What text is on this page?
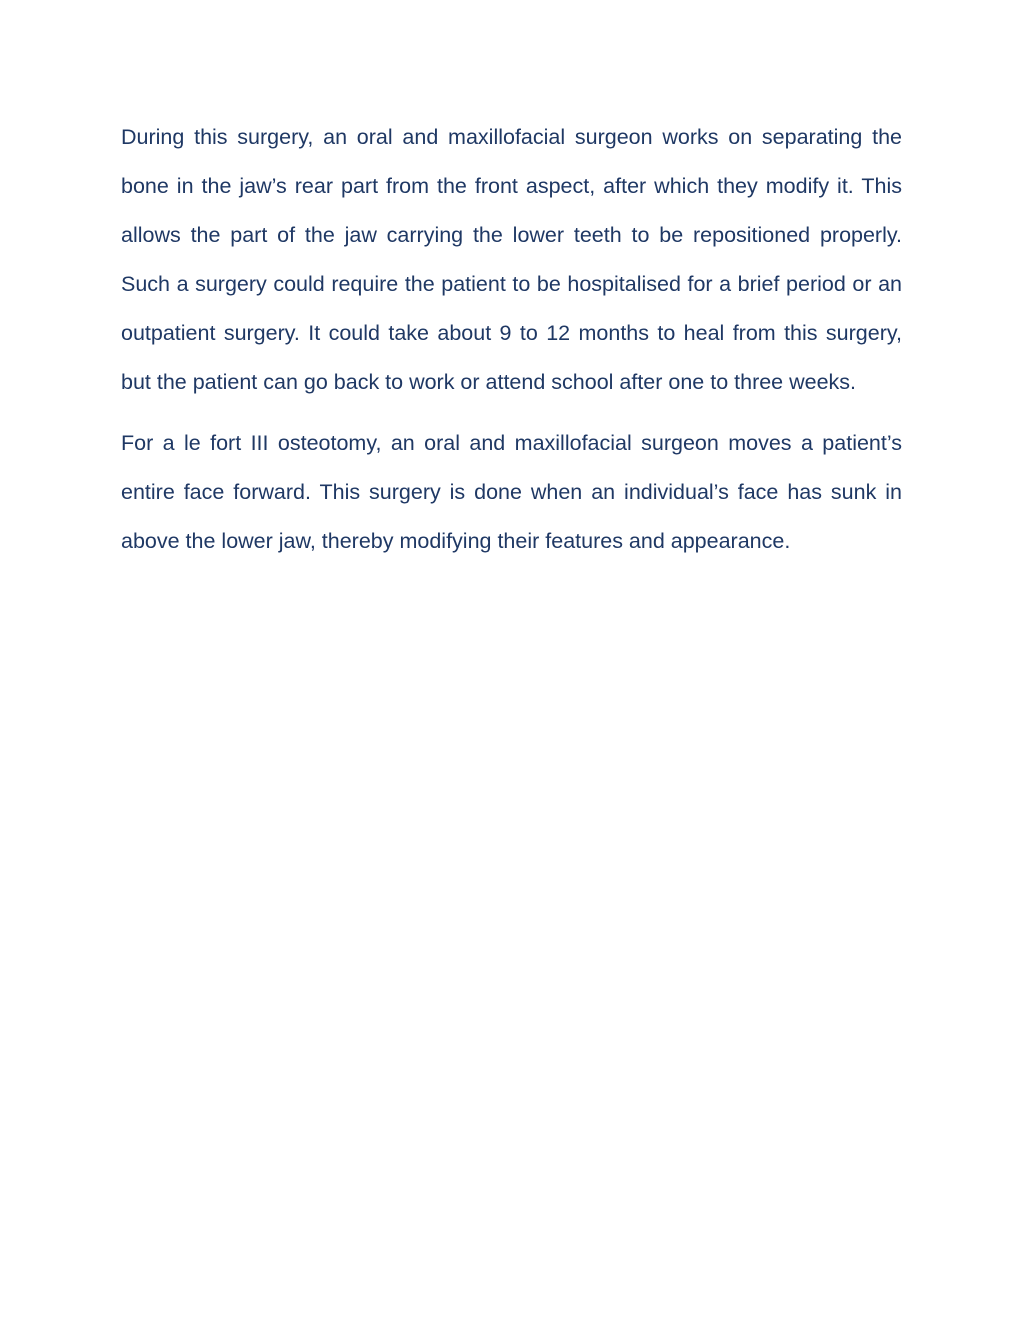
During this surgery, an oral and maxillofacial surgeon works on separating the bone in the jaw’s rear part from the front aspect, after which they modify it. This allows the part of the jaw carrying the lower teeth to be repositioned properly. Such a surgery could require the patient to be hospitalised for a brief period or an outpatient surgery. It could take about 9 to 12 months to heal from this surgery, but the patient can go back to work or attend school after one to three weeks.

For a le fort III osteotomy, an oral and maxillofacial surgeon moves a patient’s entire face forward. This surgery is done when an individual’s face has sunk in above the lower jaw, thereby modifying their features and appearance.
